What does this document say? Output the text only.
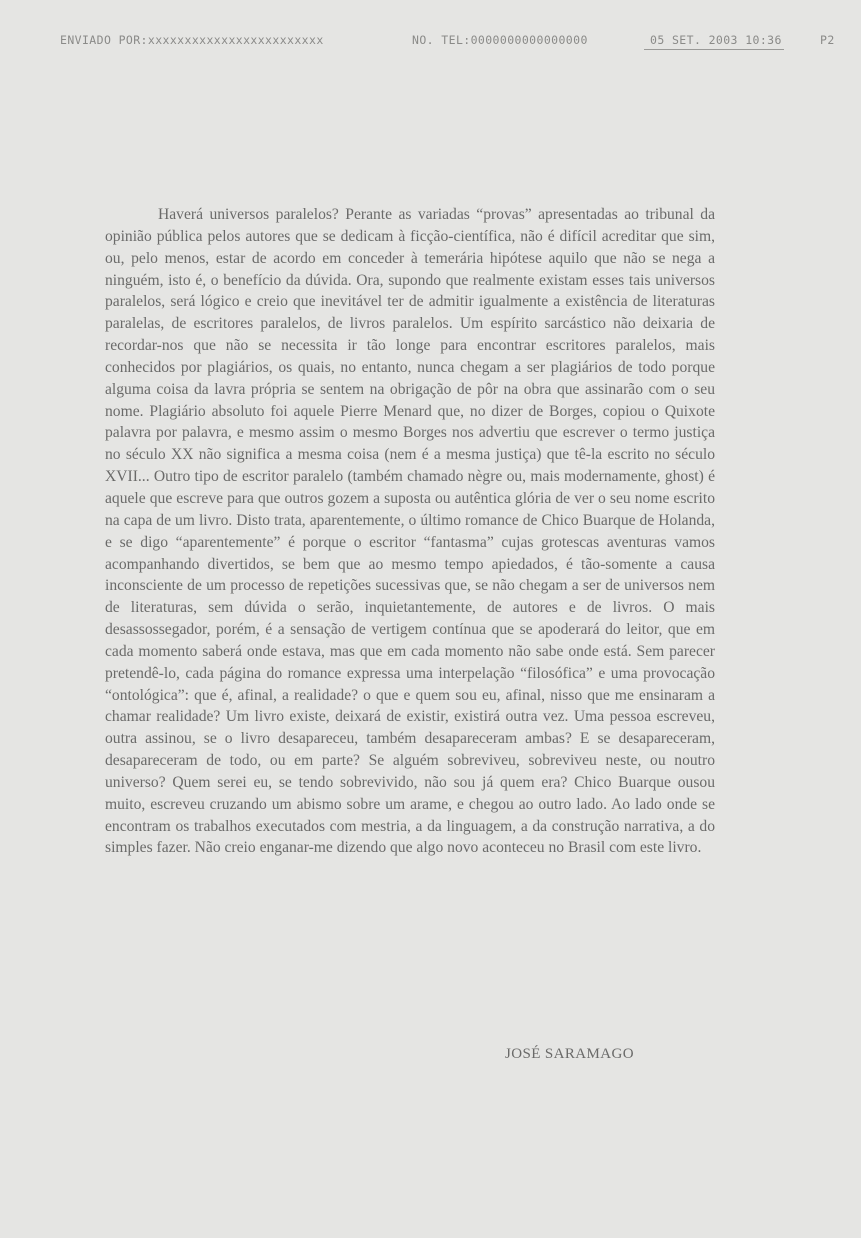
ENVIADO POR:xxxxxxxxxxxxxxxxxxxxxxxx	NO. TEL:0000000000000000	05 SET. 2003 10:36	P2

Haverá universos paralelos? Perante as variadas “provas” apresentadas ao tribunal da opinião pública pelos autores que se dedicam à ficção-científica, não é difícil acreditar que sim, ou, pelo menos, estar de acordo em conceder à temerária hipótese aquilo que não se nega a ninguém, isto é, o benefício da dúvida. Ora, supondo que realmente existam esses tais universos paralelos, será lógico e creio que inevitável ter de admitir igualmente a existência de literaturas paralelas, de escritores paralelos, de livros paralelos. Um espírito sarcástico não deixaria de recordar-nos que não se necessita ir tão longe para encontrar escritores paralelos, mais conhecidos por plagiários, os quais, no entanto, nunca chegam a ser plagiários de todo porque alguma coisa da lavra própria se sentem na obrigação de pôr na obra que assinarão com o seu nome. Plagiário absoluto foi aquele Pierre Menard que, no dizer de Borges, copiou o Quixote palavra por palavra, e mesmo assim o mesmo Borges nos advertiu que escrever o termo justiça no século XX não significa a mesma coisa (nem é a mesma justiça) que tê-la escrito no século XVII... Outro tipo de escritor paralelo (também chamado nègre ou, mais modernamente, ghost) é aquele que escreve para que outros gozem a suposta ou autêntica glória de ver o seu nome escrito na capa de um livro. Disto trata, aparentemente, o último romance de Chico Buarque de Holanda, e se digo “aparentemente” é porque o escritor “fantasma” cujas grotescas aventuras vamos acompanhando divertidos, se bem que ao mesmo tempo apiedados, é tão-somente a causa inconsciente de um processo de repetições sucessivas que, se não chegam a ser de universos nem de literaturas, sem dúvida o serão, inquietantemente, de autores e de livros. O mais desassossegador, porém, é a sensação de vertigem contínua que se apoderará do leitor, que em cada momento saberá onde estava, mas que em cada momento não sabe onde está. Sem parecer pretendê-lo, cada página do romance expressa uma interpelação “filosófica” e uma provocação “ontológica”: que é, afinal, a realidade? o que e quem sou eu, afinal, nisso que me ensinaram a chamar realidade? Um livro existe, deixará de existir, existirá outra vez. Uma pessoa escreveu, outra assinou, se o livro desapareceu, também desapareceram ambas? E se desapareceram, desapareceram de todo, ou em parte? Se alguém sobreviveu, sobreviveu neste, ou noutro universo? Quem serei eu, se tendo sobrevivido, não sou já quem era? Chico Buarque ousou muito, escreveu cruzando um abismo sobre um arame, e chegou ao outro lado. Ao lado onde se encontram os trabalhos executados com mestria, a da linguagem, a da construção narrativa, a do simples fazer. Não creio enganar-me dizendo que algo novo aconteceu no Brasil com este livro.

JOSÉ SARAMAGO
